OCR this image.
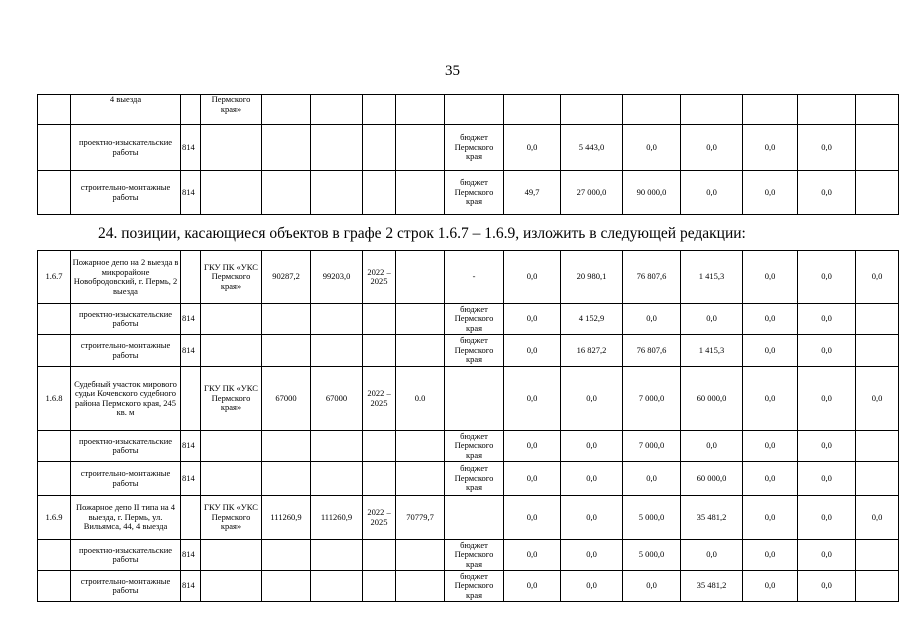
35
	4 выезда		Пермского края»												
	проектно-изыскательские работы	814						бюджет Пермского края	0,0	5 443,0	0,0	0,0	0,0	0,0	
	строительно-монтажные работы	814						бюджет Пермского края	49,7	27 000,0	90 000,0	0,0	0,0	0,0	
24. позиции, касающиеся объектов в графе 2 строк 1.6.7 – 1.6.9, изложить в следующей редакции:
1.6.7	Пожарное депо на 2 выезда в микрорайоне Новобродовский, г. Пермь, 2 выезда		ГКУ ПК «УКС Пермского края»	90287,2	99203,0	2022 – 2025		-	0,0	20 980,1	76 807,6	1 415,3	0,0	0,0	0,0
	проектно-изыскательские работы	814						бюджет Пермского края	0,0	4 152,9	0,0	0,0	0,0	0,0	
	строительно-монтажные работы	814						бюджет Пермского края	0,0	16 827,2	76 807,6	1 415,3	0,0	0,0	
1.6.8	Судебный участок мирового судьи Кочевского судебного района Пермского края, 245 кв. м		ГКУ ПК «УКС Пермского края»	67000	67000	2022 – 2025	0.0		0,0	0,0	7 000,0	60 000,0	0,0	0,0	0,0
	проектно-изыскательские работы	814						бюджет Пермского края	0,0	0,0	7 000,0	0,0	0,0	0,0	
	строительно-монтажные работы	814						бюджет Пермского края	0,0	0,0	0,0	60 000,0	0,0	0,0	
1.6.9	Пожарное депо II типа на 4 выезда, г. Пермь, ул. Вильямса, 44, 4 выезда		ГКУ ПК «УКС Пермского края»	111260,9	111260,9	2022 – 2025	70779,7		0,0	0,0	5 000,0	35 481,2	0,0	0,0	0,0
	проектно-изыскательские работы	814						бюджет Пермского края	0,0	0,0	5 000,0	0,0	0,0	0,0	
	строительно-монтажные работы	814						бюджет Пермского края	0,0	0,0	0,0	35 481,2	0,0	0,0	
